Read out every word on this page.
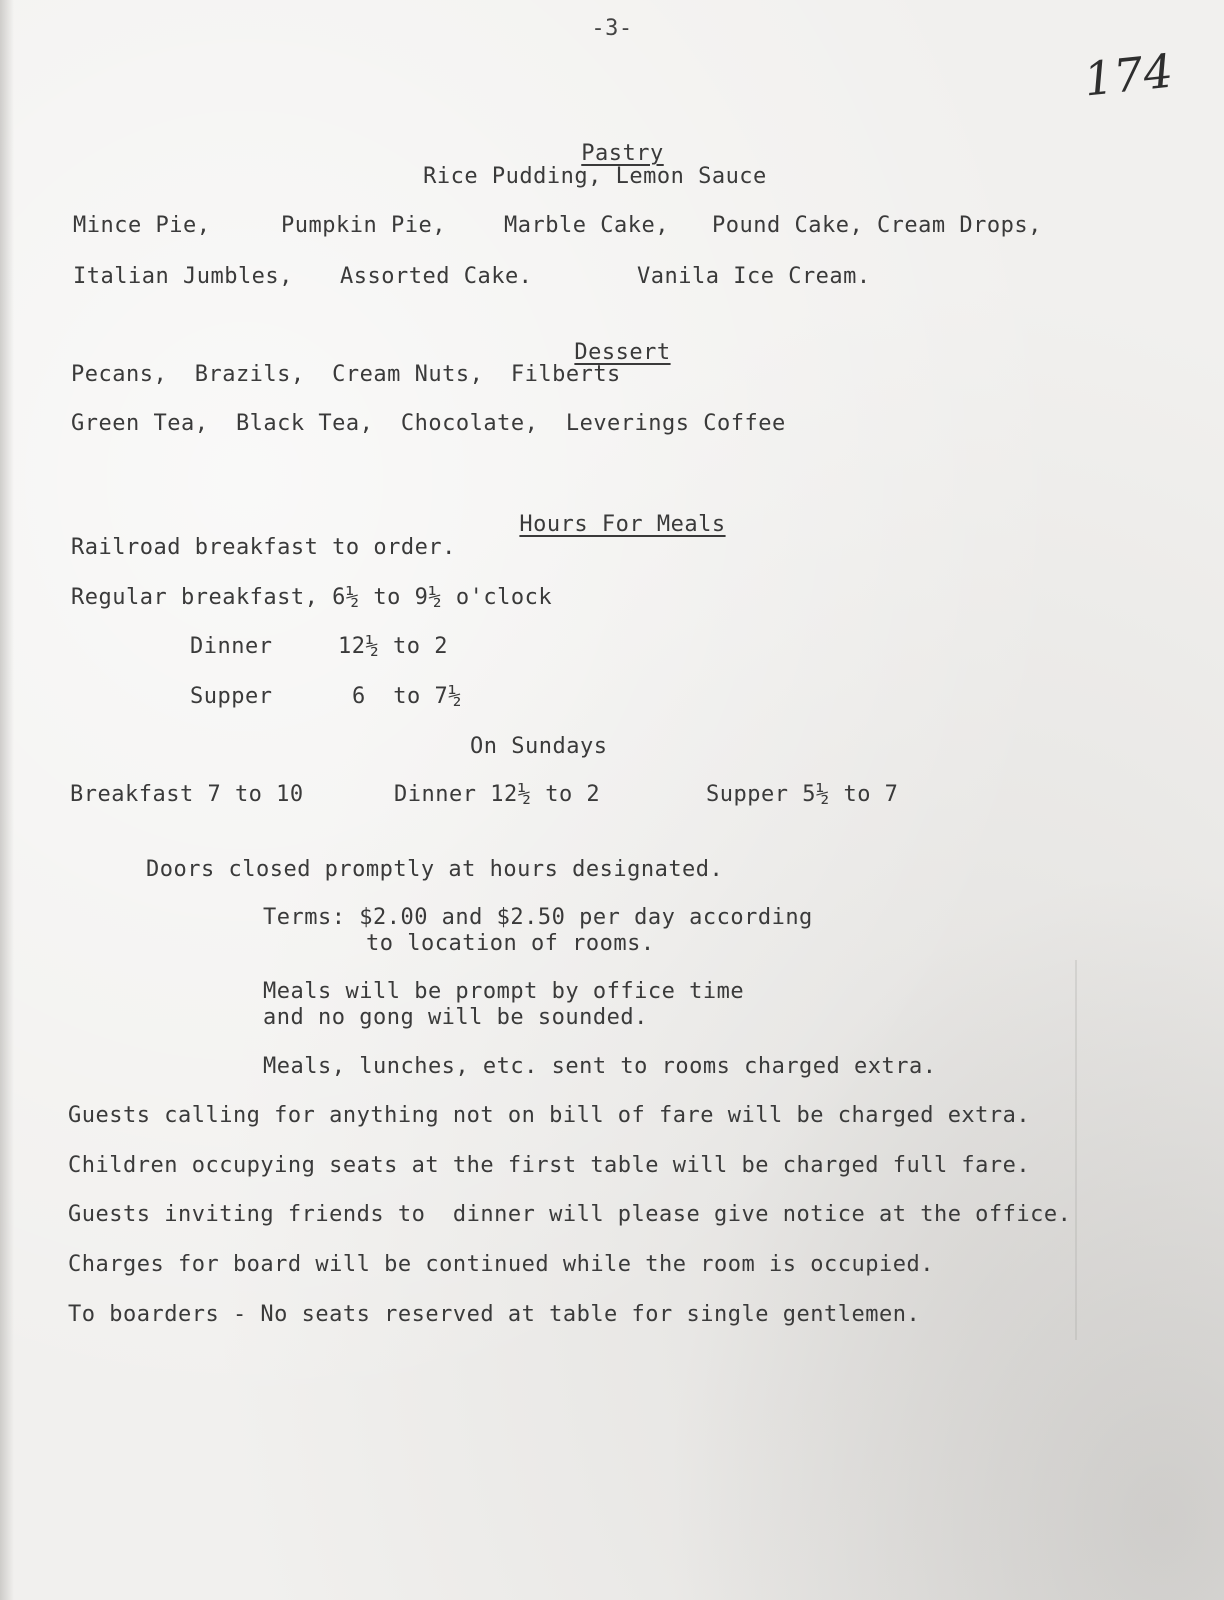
-3-
174

Pastry

Rice Pudding, Lemon Sauce
Mince Pie,	Pumpkin Pie,	Marble Cake, Pound Cake, Cream Drops,
Italian Jumbles, Assorted Cake.	Vanila Ice Cream.

Dessert

Pecans,  Brazils,  Cream Nuts,  Filberts
Green Tea,  Black Tea,  Chocolate,  Leverings Coffee

Hours For Meals

Railroad breakfast to order.
Regular breakfast, 6½ to 9½ o'clock
Dinner	12½ to 2
Supper	6  to 7½
On Sundays
Breakfast 7 to 10	Dinner 12½ to 2	Supper 5½ to 7
Doors closed promptly at hours designated.
Terms: $2.00 and $2.50 per day according
to location of rooms.
Meals will be prompt by office time
and no gong will be sounded.
Meals, lunches, etc. sent to rooms charged extra.
Guests calling for anything not on bill of fare will be charged extra.
Children occupying seats at the first table will be charged full fare.
Guests inviting friends to  dinner will please give notice at the office.
Charges for board will be continued while the room is occupied.
To boarders - No seats reserved at table for single gentlemen.
